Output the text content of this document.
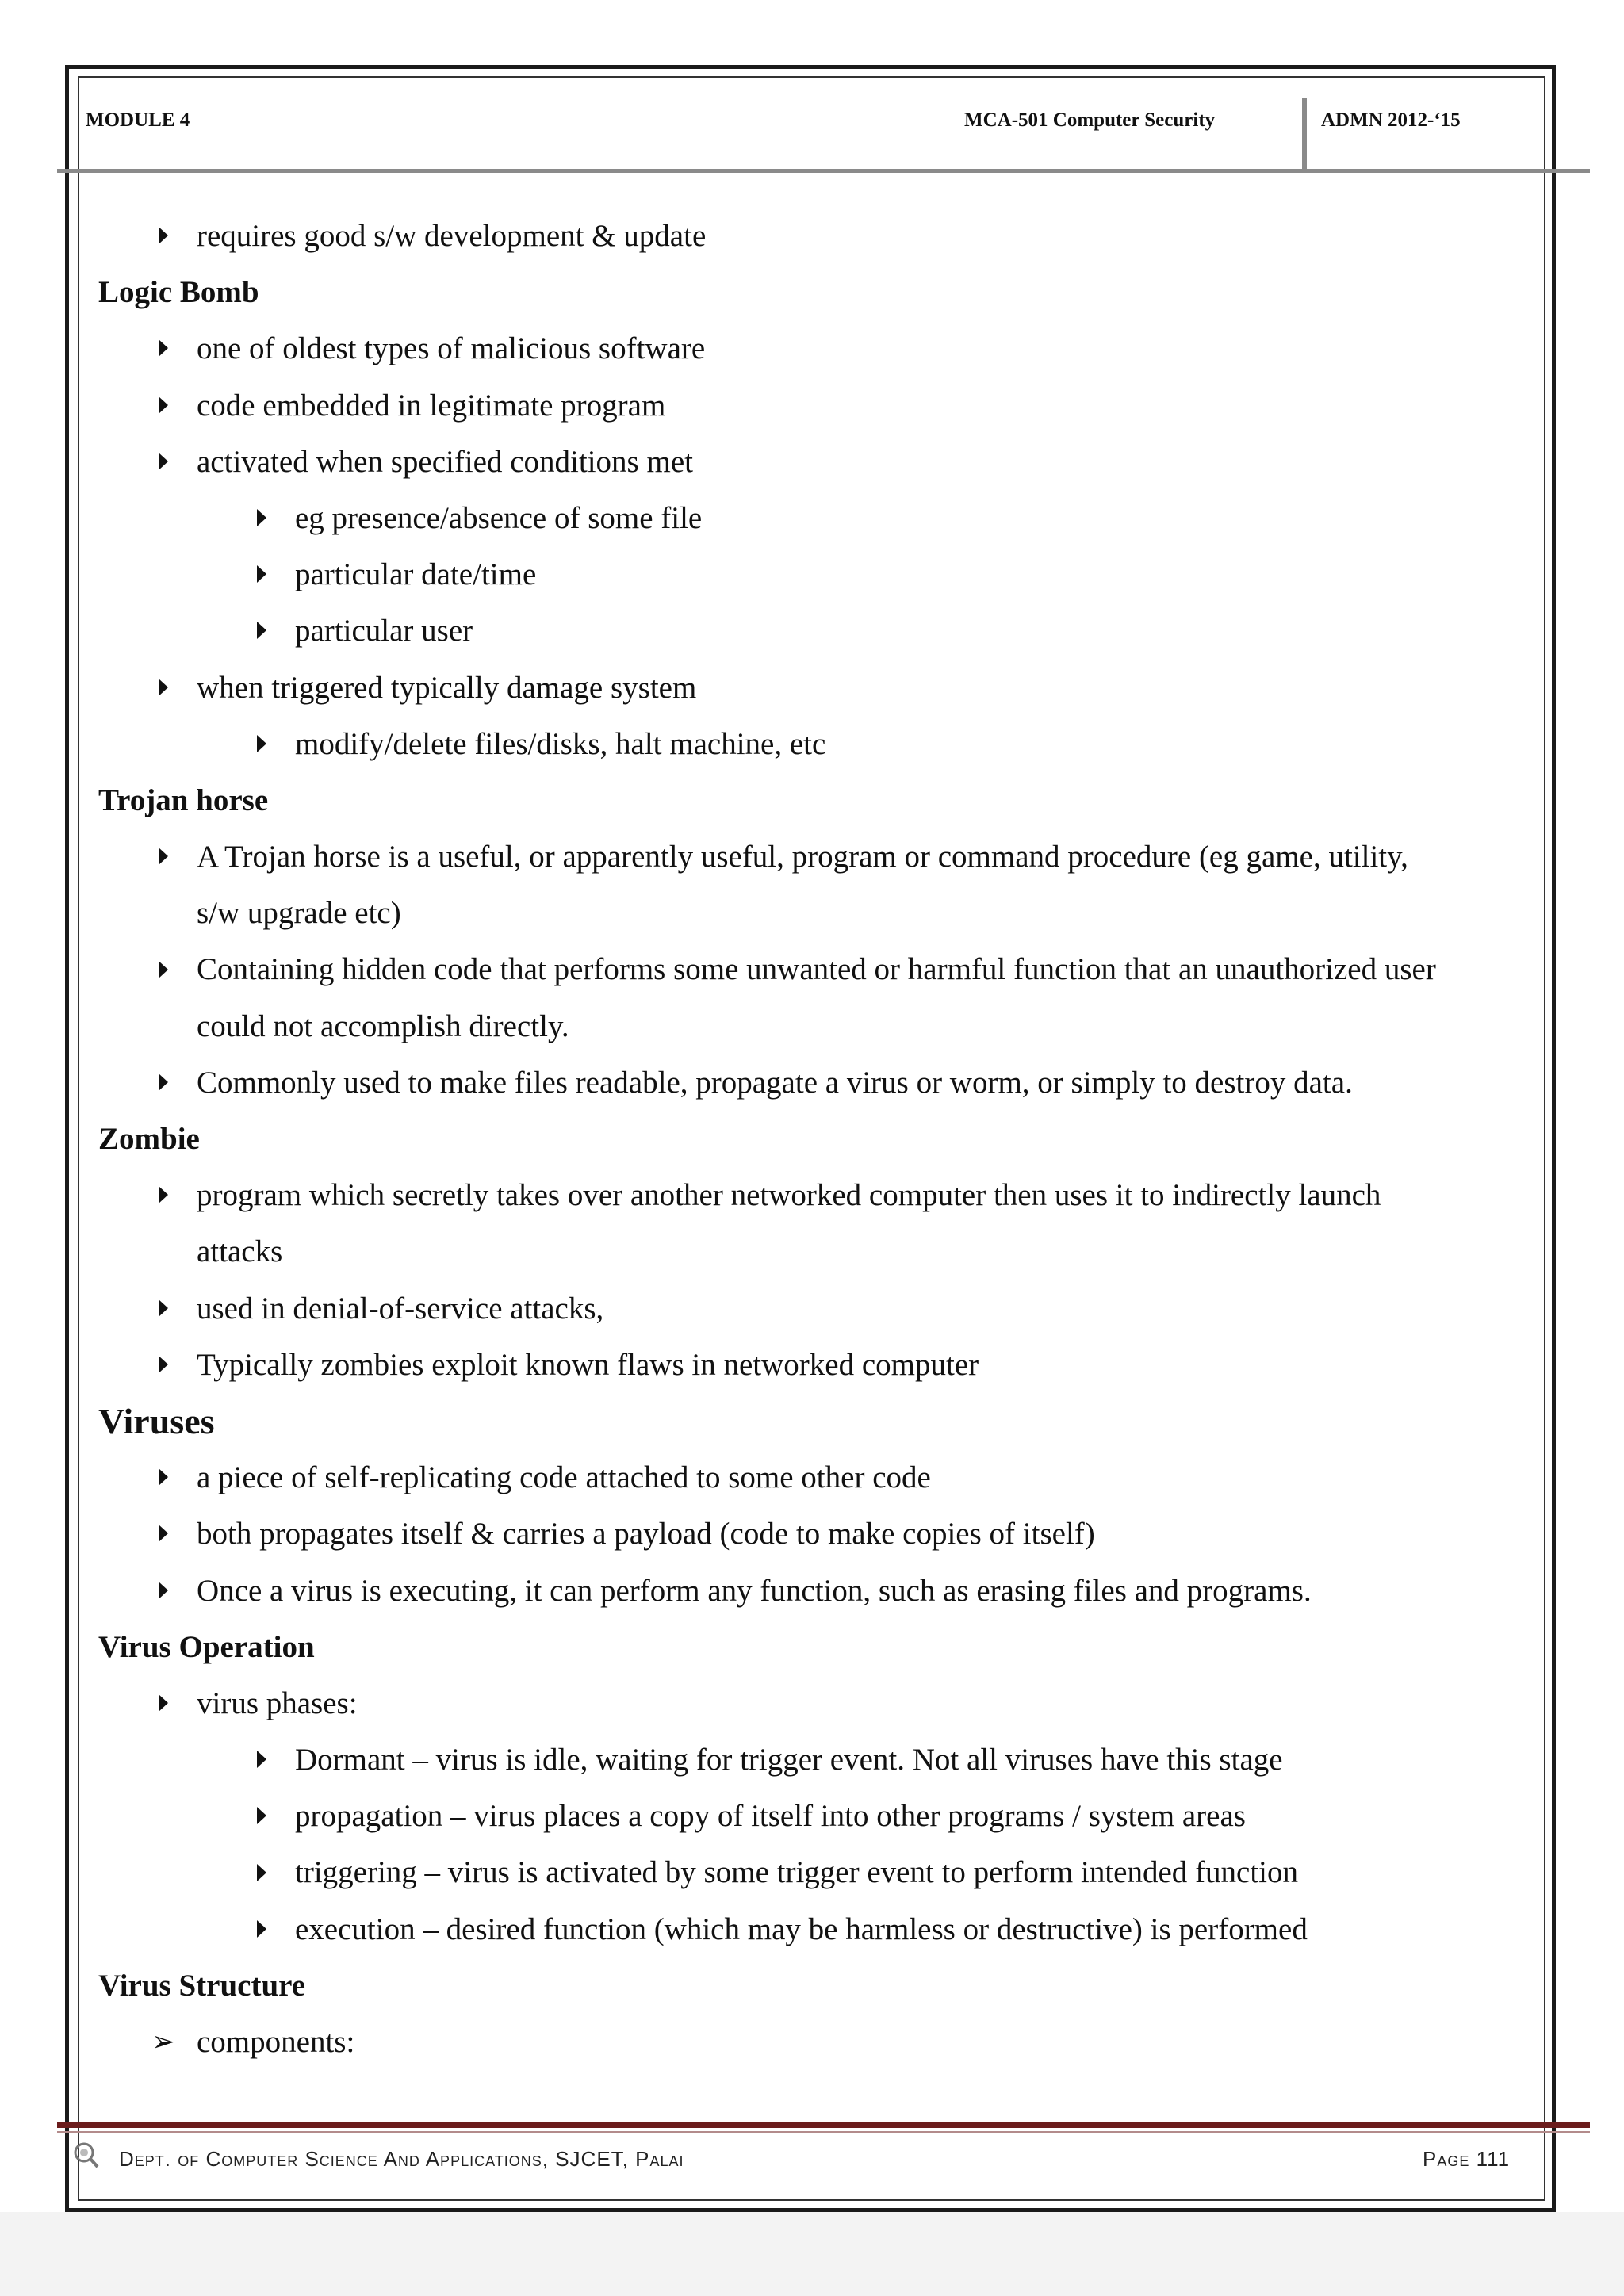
MODULE 4	MCA-501 Computer Security	ADMN 2012-‘15
requires good s/w development & update
Logic Bomb
one of oldest types of malicious software
code embedded in legitimate program
activated when specified conditions met
eg presence/absence of some file
particular date/time
particular user
when triggered typically damage system
modify/delete files/disks, halt machine, etc
Trojan horse
A Trojan horse is a useful, or apparently useful, program or command procedure (eg game, utility,
s/w upgrade etc)
Containing hidden code that performs some unwanted or harmful function that an unauthorized user
could not accomplish directly.
Commonly used to make files readable, propagate a virus or worm, or simply to destroy data.
Zombie
program which secretly takes over another networked computer then uses it to indirectly launch
attacks
used in denial-of-service attacks,
Typically zombies exploit known flaws in networked computer
Viruses
a piece of self-replicating code attached to some other code
both propagates itself & carries a payload (code to make copies of itself)
Once a virus is executing, it can perform any function, such as erasing files and programs.
Virus Operation
virus phases:
Dormant – virus is idle, waiting for trigger event. Not all viruses have this stage
propagation – virus places a copy of itself into other programs / system areas
triggering – virus is activated by some trigger event to perform intended function
execution – desired function (which may be harmless or destructive) is performed
Virus Structure
➢ components:
Dept. of Computer Science And Applications, SJCET, Palai	Page 111
